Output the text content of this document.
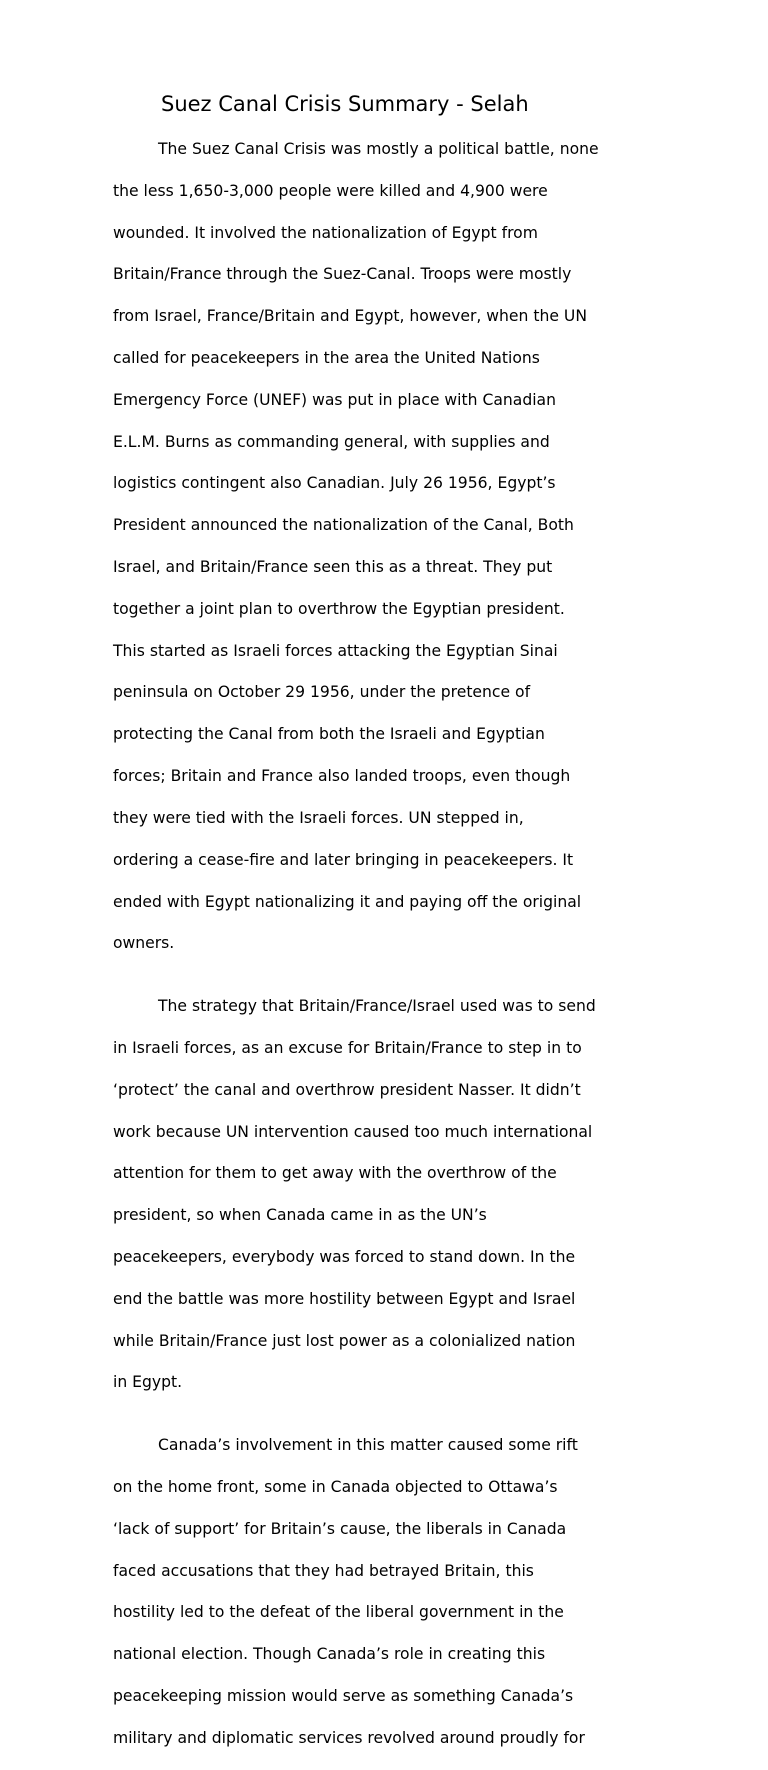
Suez Canal Crisis Summary - Selah

The Suez Canal Crisis was mostly a political battle, none

the less 1,650-3,000 people were killed and 4,900 were

wounded. It involved the nationalization of Egypt from

Britain/France through the Suez-Canal. Troops were mostly

from Israel, France/Britain and Egypt, however, when the UN

called for peacekeepers in the area the United Nations

Emergency Force (UNEF) was put in place with Canadian

E.L.M. Burns as commanding general, with supplies and

logistics contingent also Canadian. July 26 1956, Egypt’s

President announced the nationalization of the Canal, Both

Israel, and Britain/France seen this as a threat. They put

together a joint plan to overthrow the Egyptian president.

This started as Israeli forces attacking the Egyptian Sinai

peninsula on October 29 1956, under the pretence of

protecting the Canal from both the Israeli and Egyptian

forces; Britain and France also landed troops, even though

they were tied with the Israeli forces. UN stepped in,

ordering a cease-fire and later bringing in peacekeepers. It

ended with Egypt nationalizing it and paying off the original

owners.

The strategy that Britain/France/Israel used was to send

in Israeli forces, as an excuse for Britain/France to step in to

‘protect’ the canal and overthrow president Nasser. It didn’t

work because UN intervention caused too much international

attention for them to get away with the overthrow of the

president, so when Canada came in as the UN’s

peacekeepers, everybody was forced to stand down. In the

end the battle was more hostility between Egypt and Israel

while Britain/France just lost power as a colonialized nation

in Egypt.

Canada’s involvement in this matter caused some rift

on the home front, some in Canada objected to Ottawa’s

‘lack of support’ for Britain’s cause, the liberals in Canada

faced accusations that they had betrayed Britain, this

hostility led to the defeat of the liberal government in the

national election. Though Canada’s role in creating this

peacekeeping mission would serve as something Canada’s

military and diplomatic services revolved around proudly for
